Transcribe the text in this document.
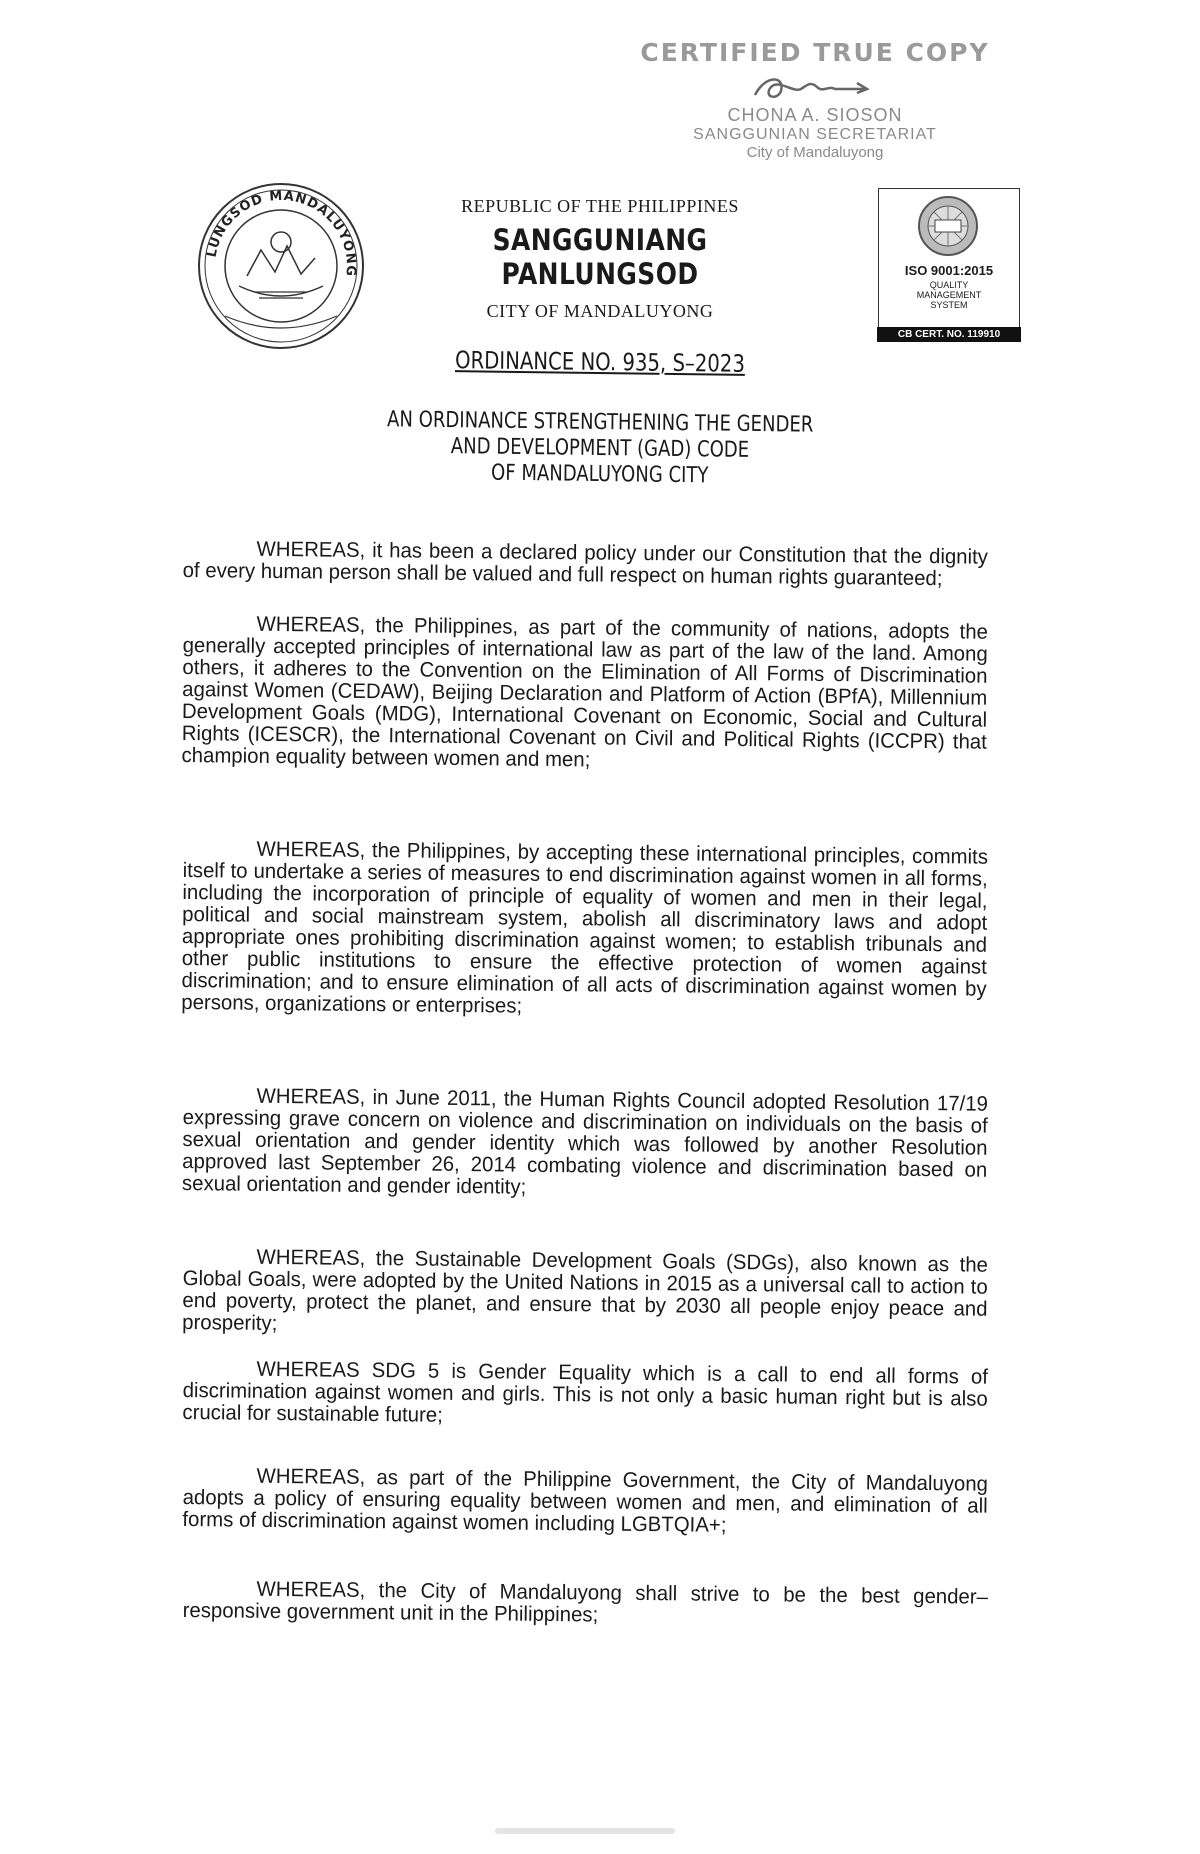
CERTIFIED TRUE COPY
CHONA A. SIOSON
SANGGUNIAN SECRETARIAT
City of Mandaluyong
LUNGSOD MANDALUYONG
REPUBLIC OF THE PHILIPPINES
SANGGUNIANG PANLUNGSOD
CITY OF MANDALUYONG
ISO 9001:2015
QUALITY
MANAGEMENT
SYSTEM
CB CERT. NO. 119910
ORDINANCE NO. 935, S–2023
AN ORDINANCE STRENGTHENING THE GENDER
AND DEVELOPMENT (GAD) CODE
OF MANDALUYONG CITY
WHEREAS, it has been a declared policy under our Constitution that the dignity of every human person shall be valued and full respect on human rights guaranteed;
WHEREAS, the Philippines, as part of the community of nations, adopts the generally accepted principles of international law as part of the law of the land. Among others, it adheres to the Convention on the Elimination of All Forms of Discrimination against Women (CEDAW), Beijing Declaration and Platform of Action (BPfA), Millennium Development Goals (MDG), International Covenant on Economic, Social and Cultural Rights (ICESCR), the International Covenant on Civil and Political Rights (ICCPR) that champion equality between women and men;
WHEREAS, the Philippines, by accepting these international principles, commits itself to undertake a series of measures to end discrimination against women in all forms, including the incorporation of principle of equality of women and men in their legal, political and social mainstream system, abolish all discriminatory laws and adopt appropriate ones prohibiting discrimination against women; to establish tribunals and other public institutions to ensure the effective protection of women against discrimination; and to ensure elimination of all acts of discrimination against women by persons, organizations or enterprises;
WHEREAS, in June 2011, the Human Rights Council adopted Resolution 17/19 expressing grave concern on violence and discrimination on individuals on the basis of sexual orientation and gender identity which was followed by another Resolution approved last September 26, 2014 combating violence and discrimination based on sexual orientation and gender identity;
WHEREAS, the Sustainable Development Goals (SDGs), also known as the Global Goals, were adopted by the United Nations in 2015 as a universal call to action to end poverty, protect the planet, and ensure that by 2030 all people enjoy peace and prosperity;
WHEREAS SDG 5 is Gender Equality which is a call to end all forms of discrimination against women and girls. This is not only a basic human right but is also crucial for sustainable future;
WHEREAS, as part of the Philippine Government, the City of Mandaluyong adopts a policy of ensuring equality between women and men, and elimination of all forms of discrimination against women including LGBTQIA+;
WHEREAS, the City of Mandaluyong shall strive to be the best gender–responsive government unit in the Philippines;
